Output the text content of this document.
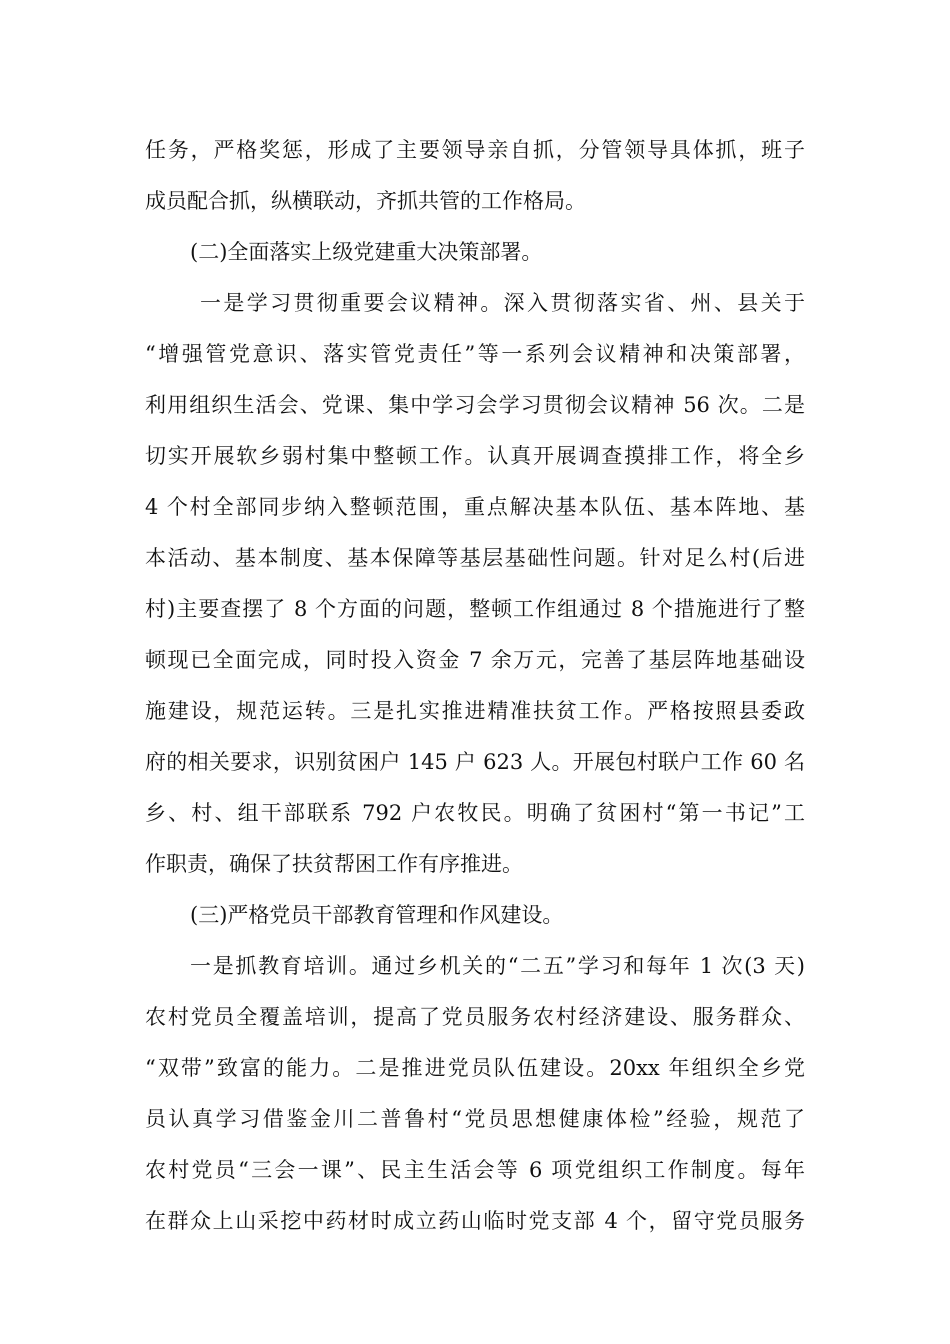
任务，严格奖惩，形成了主要领导亲自抓，分管领导具体抓，班子
成员配合抓，纵横联动，齐抓共管的工作格局。
(二)全面落实上级党建重大决策部署。
一是学习贯彻重要会议精神。深入贯彻落实省、州、县关于
“增强管党意识、落实管党责任”等一系列会议精神和决策部署，
利用组织生活会、党课、集中学习会学习贯彻会议精神 56 次。二是
切实开展软乡弱村集中整顿工作。认真开展调查摸排工作，将全乡
4 个村全部同步纳入整顿范围，重点解决基本队伍、基本阵地、基
本活动、基本制度、基本保障等基层基础性问题。针对足么村(后进
村)主要查摆了 8 个方面的问题，整顿工作组通过 8 个措施进行了整
顿现已全面完成，同时投入资金 7 余万元，完善了基层阵地基础设
施建设，规范运转。三是扎实推进精准扶贫工作。严格按照县委政
府的相关要求，识别贫困户 145 户 623 人。开展包村联户工作 60 名
乡、村、组干部联系 792 户农牧民。明确了贫困村“第一书记”工
作职责，确保了扶贫帮困工作有序推进。
(三)严格党员干部教育管理和作风建设。
一是抓教育培训。通过乡机关的“二五”学习和每年 1 次(3 天)
农村党员全覆盖培训，提高了党员服务农村经济建设、服务群众、
“双带”致富的能力。二是推进党员队伍建设。20xx 年组织全乡党
员认真学习借鉴金川二普鲁村“党员思想健康体检”经验，规范了
农村党员“三会一课”、民主生活会等 6 项党组织工作制度。每年
在群众上山采挖中药材时成立药山临时党支部 4 个，留守党员服务
